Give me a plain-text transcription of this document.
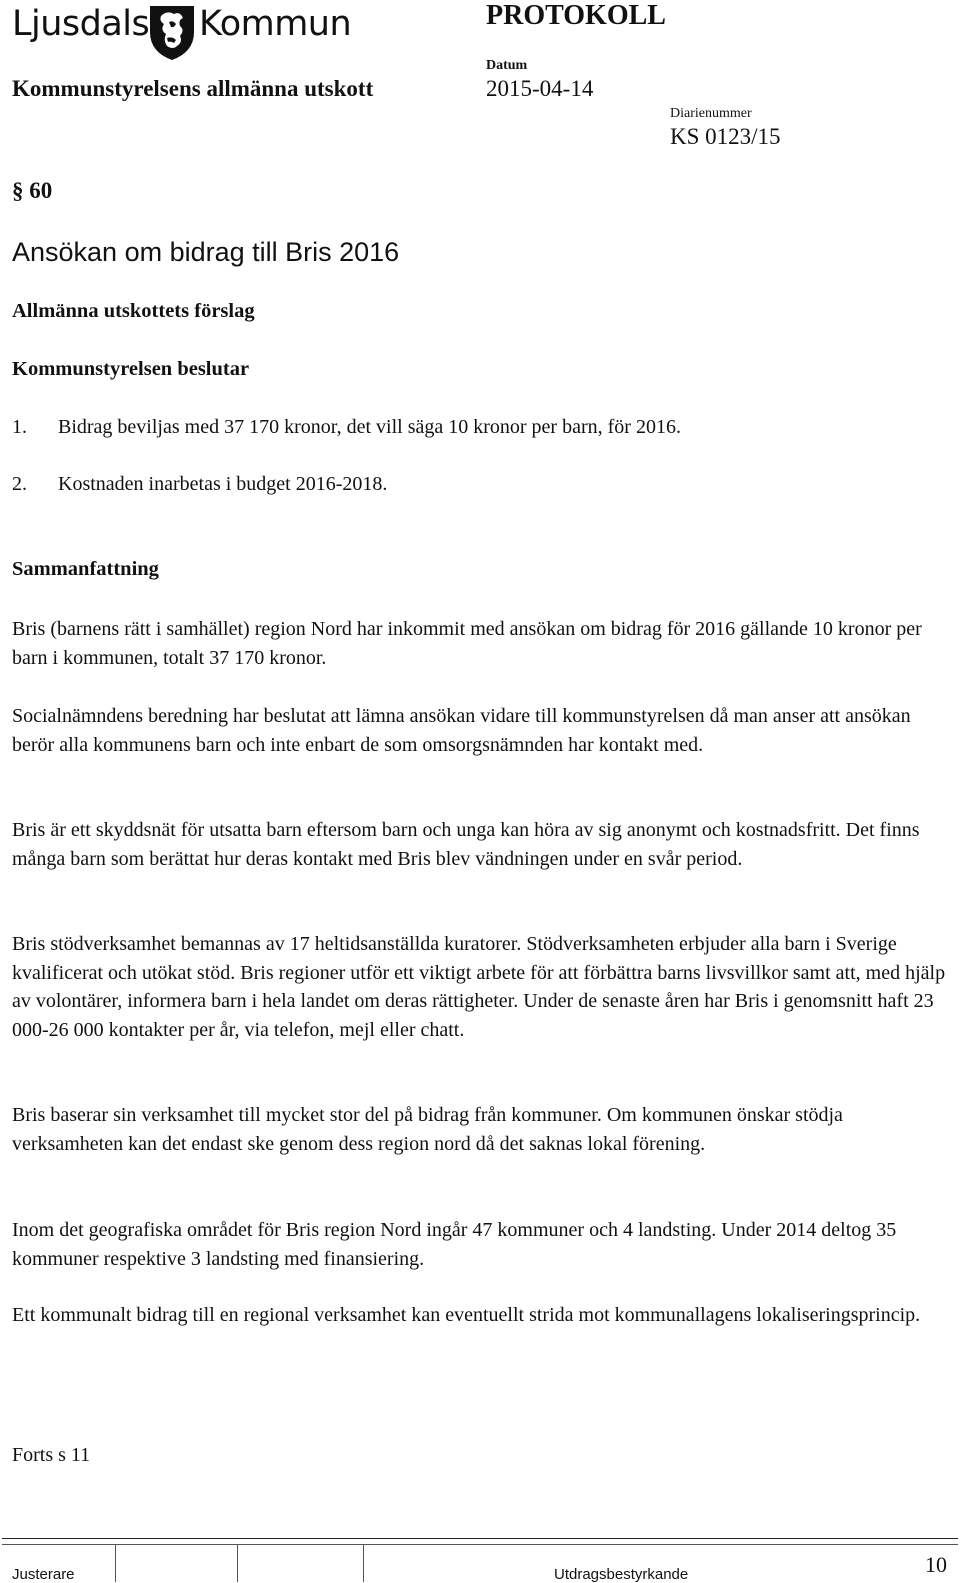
Ljusdals Kommun	PROTOKOLL
Datum
Kommunstyrelsens allmänna utskott	2015-04-14
Diarienummer
KS 0123/15
§ 60
Ansökan om bidrag till Bris 2016
Allmänna utskottets förslag
Kommunstyrelsen beslutar
1. Bidrag beviljas med 37 170 kronor, det vill säga 10 kronor per barn, för 2016.
2. Kostnaden inarbetas i budget 2016-2018.
Sammanfattning
Bris (barnens rätt i samhället) region Nord har inkommit med ansökan om bidrag för 2016 gällande 10 kronor per barn i kommunen, totalt 37 170 kronor.
Socialnämndens beredning har beslutat att lämna ansökan vidare till kommunstyrelsen då man anser att ansökan berör alla kommunens barn och inte enbart de som omsorgsnämnden har kontakt med.
Bris är ett skyddsnät för utsatta barn eftersom barn och unga kan höra av sig anonymt och kostnadsfritt. Det finns många barn som berättat hur deras kontakt med Bris blev vändningen under en svår period.
Bris stödverksamhet bemannas av 17 heltidsanställda kuratorer. Stödverksamheten erbjuder alla barn i Sverige kvalificerat och utökat stöd. Bris regioner utför ett viktigt arbete för att förbättra barns livsvillkor samt att, med hjälp av volontärer, informera barn i hela landet om deras rättigheter. Under de senaste åren har Bris i genomsnitt haft 23 000-26 000 kontakter per år, via telefon, mejl eller chatt.
Bris baserar sin verksamhet till mycket stor del på bidrag från kommuner. Om kommunen önskar stödja verksamheten kan det endast ske genom dess region nord då det saknas lokal förening.
Inom det geografiska området för Bris region Nord ingår 47 kommuner och 4 landsting. Under 2014 deltog 35 kommuner respektive 3 landsting med finansiering.
Ett kommunalt bidrag till en regional verksamhet kan eventuellt strida mot kommunallagens lokaliseringsprincip.
Forts s 11
Justerare	Utdragsbestyrkande	10
